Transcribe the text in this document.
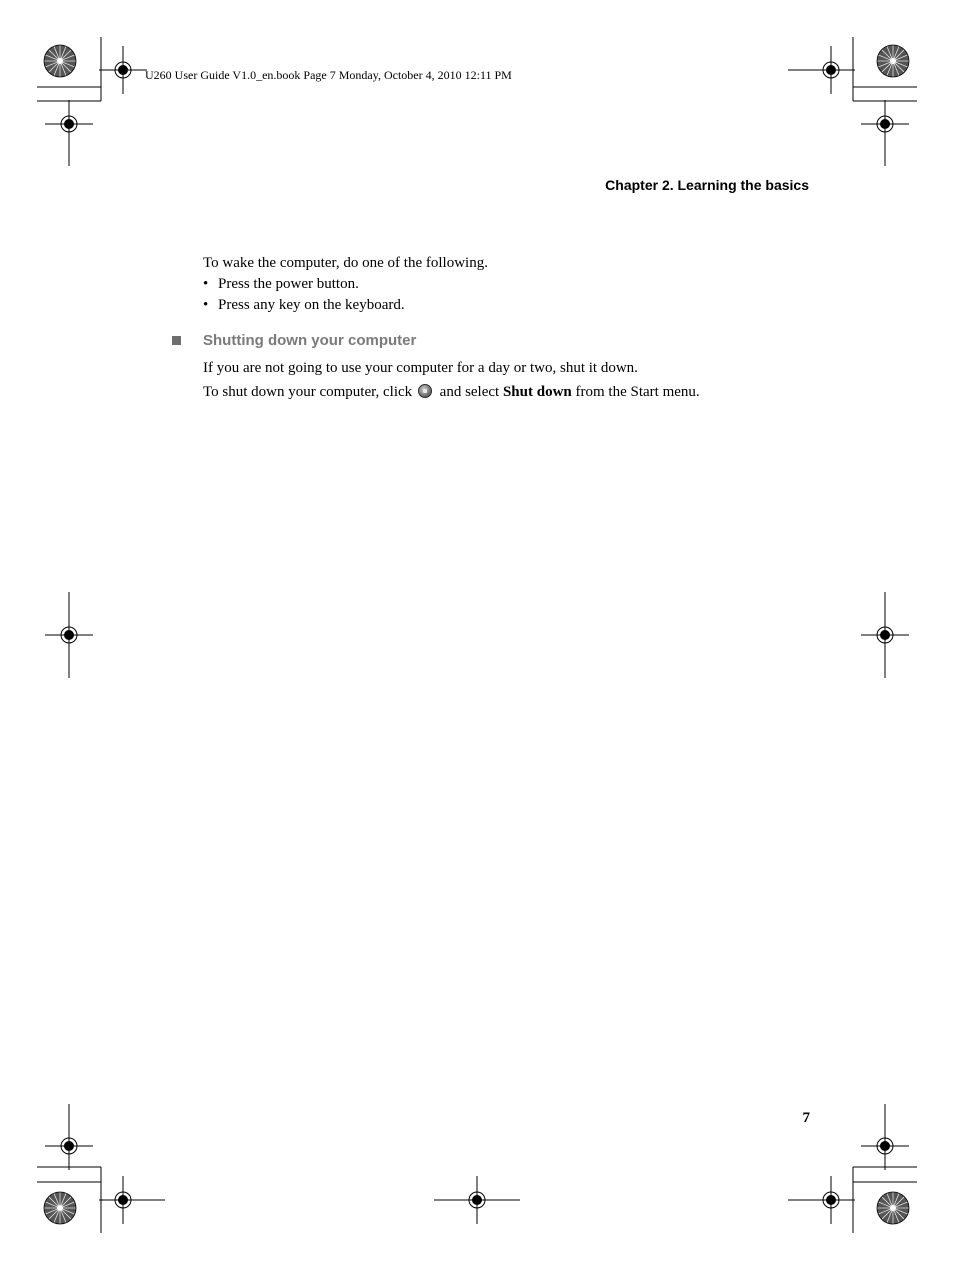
U260 User Guide V1.0_en.book Page 7 Monday, October 4, 2010 12:11 PM
Chapter 2. Learning the basics
To wake the computer, do one of the following.
• Press the power button.
• Press any key on the keyboard.
Shutting down your computer
If you are not going to use your computer for a day or two, shut it down.
To shut down your computer, click and select Shut down from the Start menu.
7
